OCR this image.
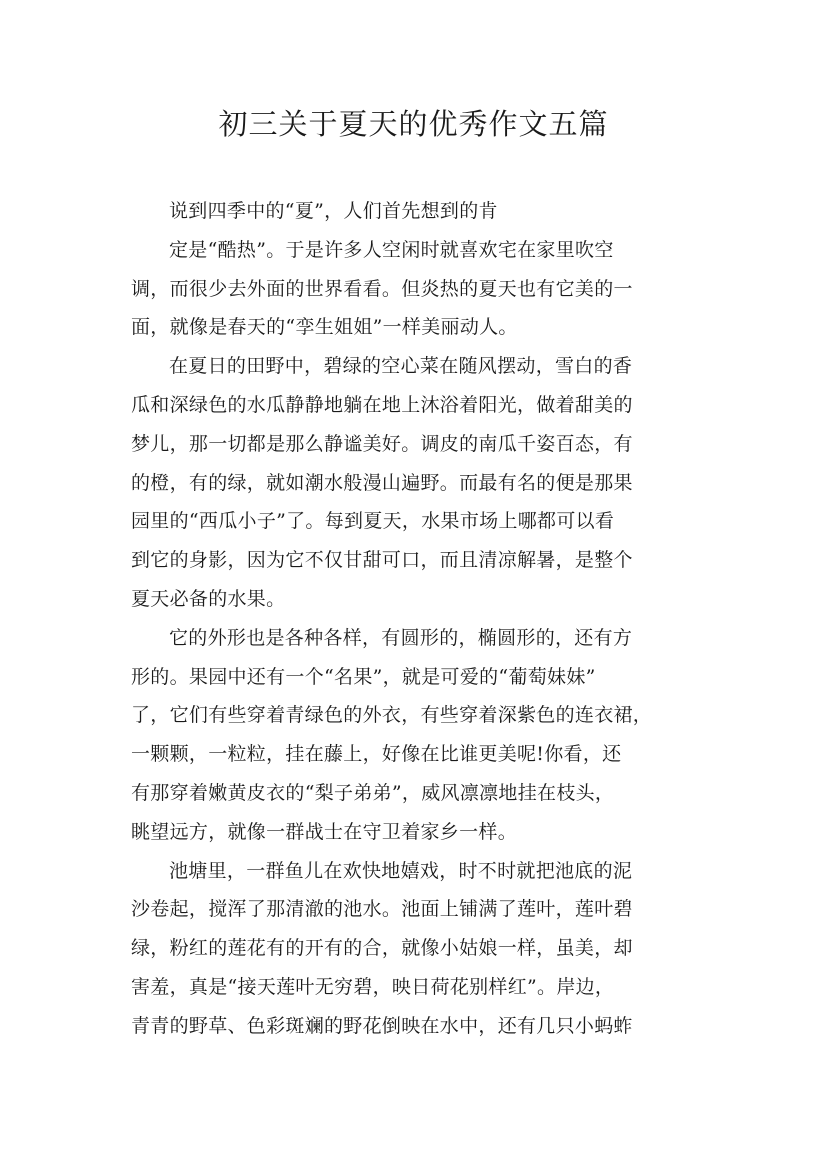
初三关于夏天的优秀作文五篇

说到四季中的“夏”，人们首先想到的肯

定是“酷热”。于是许多人空闲时就喜欢宅在家里吹空
调，而很少去外面的世界看看。但炎热的夏天也有它美的一
面，就像是春天的“孪生姐姐”一样美丽动人。

在夏日的田野中，碧绿的空心菜在随风摆动，雪白的香
瓜和深绿色的水瓜静静地躺在地上沐浴着阳光，做着甜美的
梦儿，那一切都是那么静谧美好。调皮的南瓜千姿百态，有
的橙，有的绿，就如潮水般漫山遍野。而最有名的便是那果
园里的“西瓜小子”了。每到夏天，水果市场上哪都可以看
到它的身影，因为它不仅甘甜可口，而且清凉解暑，是整个
夏天必备的水果。

它的外形也是各种各样，有圆形的，椭圆形的，还有方
形的。果园中还有一个“名果”，就是可爱的“葡萄妹妹”
了，它们有些穿着青绿色的外衣，有些穿着深紫色的连衣裙，
一颗颗，一粒粒，挂在藤上，好像在比谁更美呢!你看，还
有那穿着嫩黄皮衣的“梨子弟弟”，威风凛凛地挂在枝头，
眺望远方，就像一群战士在守卫着家乡一样。

池塘里，一群鱼儿在欢快地嬉戏，时不时就把池底的泥
沙卷起，搅浑了那清澈的池水。池面上铺满了莲叶，莲叶碧
绿，粉红的莲花有的开有的合，就像小姑娘一样，虽美，却
害羞，真是“接天莲叶无穷碧，映日荷花别样红”。岸边，
青青的野草、色彩斑斓的野花倒映在水中，还有几只小蚂蚱
